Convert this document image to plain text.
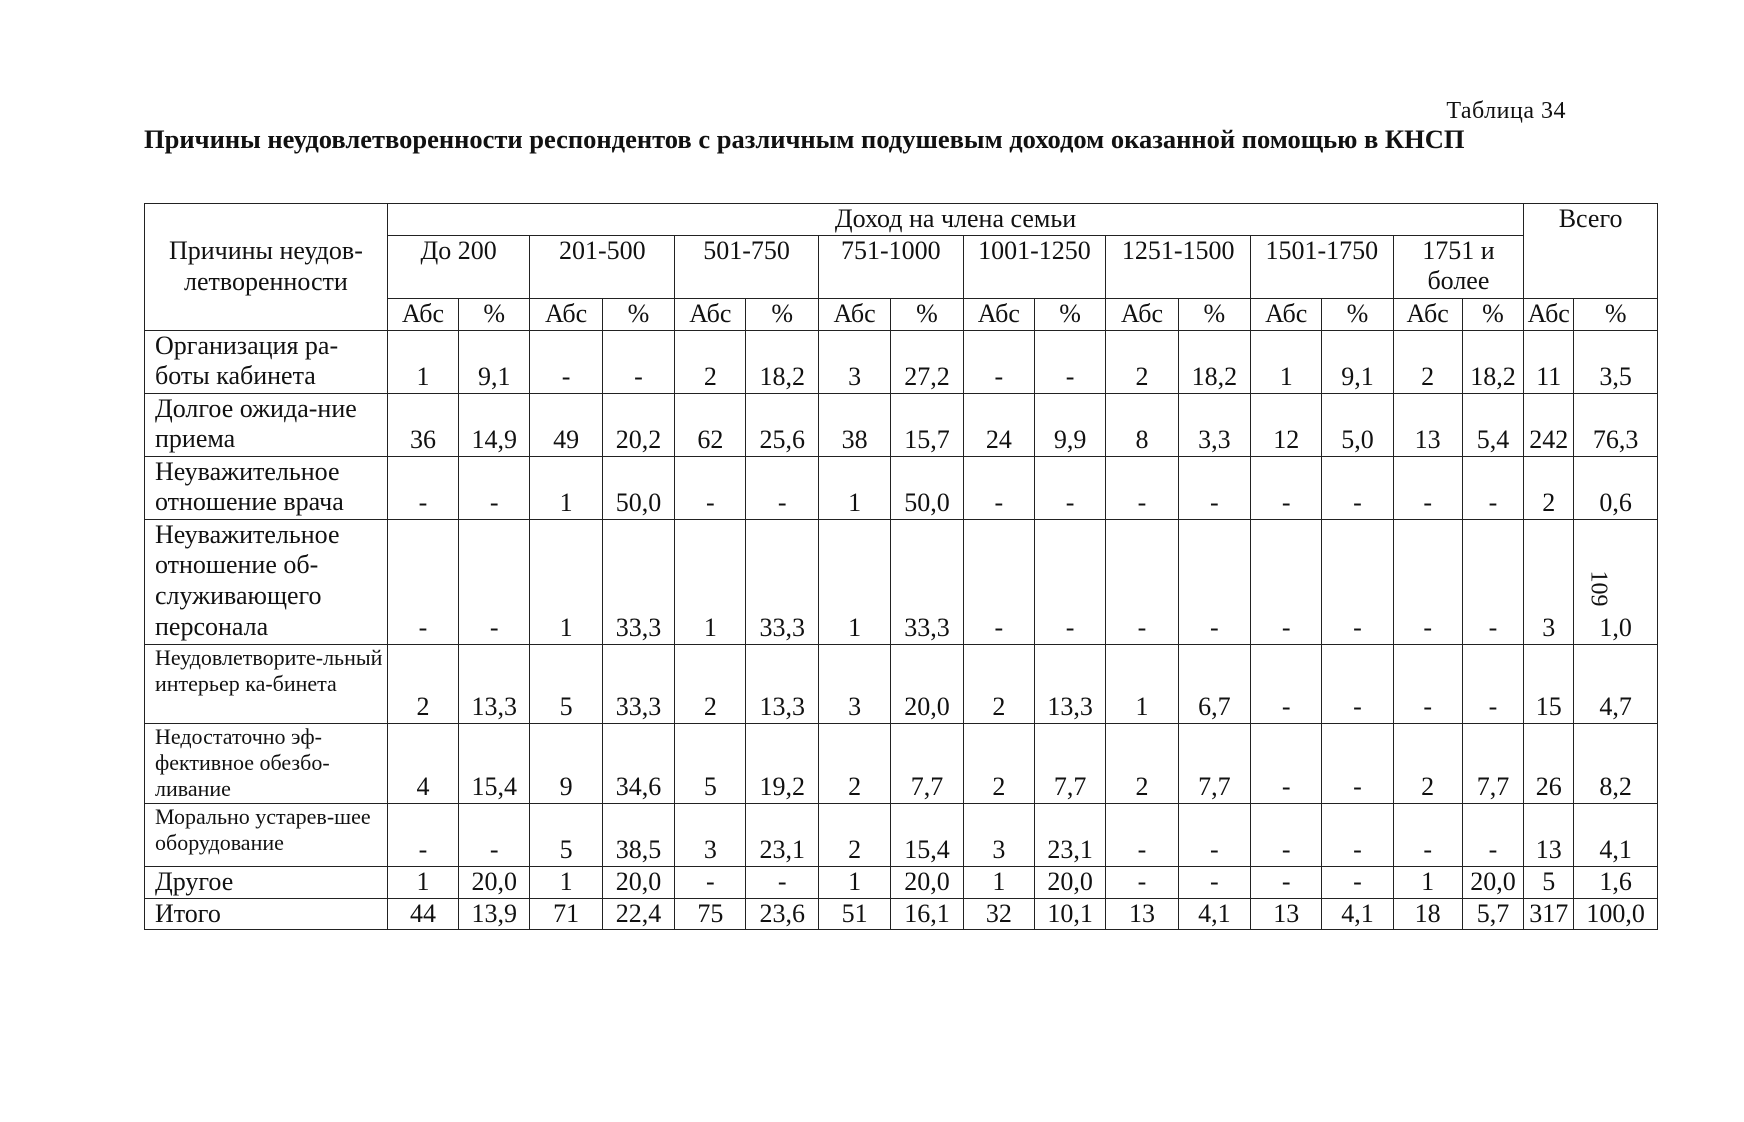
Таблица 34
Причины неудовлетворенности респондентов с различным подушевым доходом оказанной помощью в КНСП
109
Причины неудов-летворенности	Доход на члена семьи																Всего	
	До 200		201-500		501-750		751-1000		1001-1250		1251-1500		1501-1750		1751 и более			
	Абс	%	Абс	%	Абс	%	Абс	%	Абс	%	Абс	%	Абс	%	Абс	%	Абс	%
Организация ра-боты кабинета	1	9,1	-	-	2	18,2	3	27,2	-	-	2	18,2	1	9,1	2	18,2	11	3,5
Долгое ожида-ние приема	36	14,9	49	20,2	62	25,6	38	15,7	24	9,9	8	3,3	12	5,0	13	5,4	242	76,3
Неуважительное отношение врача	-	-	1	50,0	-	-	1	50,0	-	-	-	-	-	-	-	-	2	0,6
Неуважительное отношение об-служивающего персонала	-	-	1	33,3	1	33,3	1	33,3	-	-	-	-	-	-	-	-	3	1,0
Неудовлетворите-льный интерьер ка-бинета	2	13,3	5	33,3	2	13,3	3	20,0	2	13,3	1	6,7	-	-	-	-	15	4,7
Недостаточно эф-фективное обезбо-ливание	4	15,4	9	34,6	5	19,2	2	7,7	2	7,7	2	7,7	-	-	2	7,7	26	8,2
Морально устарев-шее оборудование	-	-	5	38,5	3	23,1	2	15,4	3	23,1	-	-	-	-	-	-	13	4,1
Другое	1	20,0	1	20,0	-	-	1	20,0	1	20,0	-	-	-	-	1	20,0	5	1,6
Итого	44	13,9	71	22,4	75	23,6	51	16,1	32	10,1	13	4,1	13	4,1	18	5,7	317	100,0
